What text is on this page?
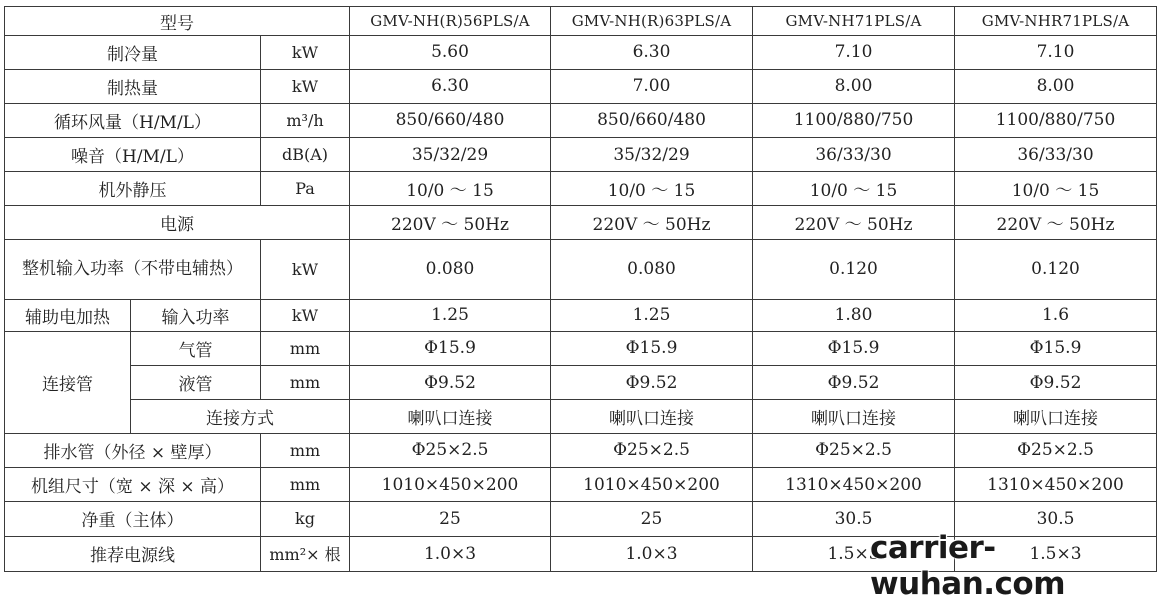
型号			GMV-NH(R)56PLS/A	GMV-NH(R)63PLS/A	GMV-NH71PLS/A	GMV-NHR71PLS/A
制冷量		kW	5.60	6.30	7.10	7.10
制热量		kW	6.30	7.00	8.00	8.00
循环风量（H/M/L）		m³/h	850/660/480	850/660/480	1100/880/750	1100/880/750
噪音（H/M/L）		dB(A)	35/32/29	35/32/29	36/33/30	36/33/30
机外静压		Pa	10/0 ～ 15	10/0 ～ 15	10/0 ～ 15	10/0 ～ 15
电源			220V ～ 50Hz	220V ～ 50Hz	220V ～ 50Hz	220V ～ 50Hz
整机输入功率（不带电辅热）		kW	0.080	0.080	0.120	0.120
辅助电加热	输入功率	kW	1.25	1.25	1.80	1.6
连接管	气管	mm	Φ15.9	Φ15.9	Φ15.9	Φ15.9
	液管	mm	Φ9.52	Φ9.52	Φ9.52	Φ9.52
	连接方式		喇叭口连接	喇叭口连接	喇叭口连接	喇叭口连接
排水管（外径 × 壁厚）		mm	Φ25×2.5	Φ25×2.5	Φ25×2.5	Φ25×2.5
机组尺寸（宽 × 深 × 高）		mm	1010×450×200	1010×450×200	1310×450×200	1310×450×200
净重（主体）		kg	25	25	30.5	30.5
推荐电源线		mm²× 根	1.0×3	1.0×3	1.5×3	1.5×3
carrier-wuhan.com
